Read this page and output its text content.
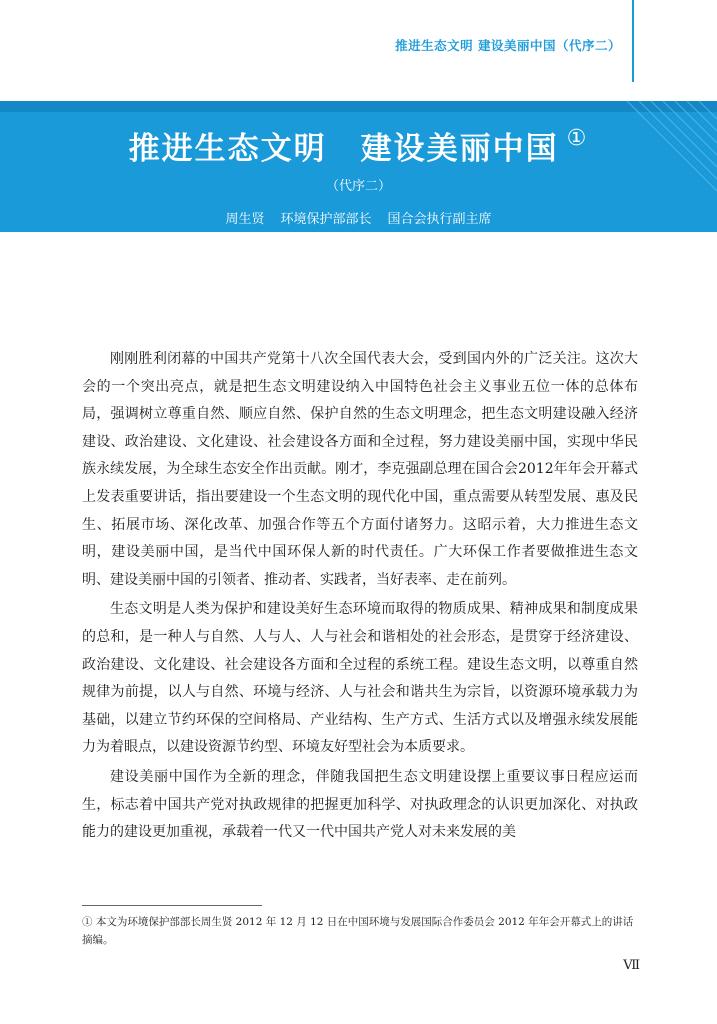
推进生态文明 建设美丽中国（代序二）
推进生态文明 建设美丽中国 ①
（代序二）
周生贤 环境保护部部长 国合会执行副主席

刚刚胜利闭幕的中国共产党第十八次全国代表大会，受到国内外的广泛关注。这次大会的一个突出亮点，就是把生态文明建设纳入中国特色社会主义事业五位一体的总体布局，强调树立尊重自然、顺应自然、保护自然的生态文明理念，把生态文明建设融入经济建设、政治建设、文化建设、社会建设各方面和全过程，努力建设美丽中国，实现中华民族永续发展，为全球生态安全作出贡献。刚才，李克强副总理在国合会2012年年会开幕式上发表重要讲话，指出要建设一个生态文明的现代化中国，重点需要从转型发展、惠及民生、拓展市场、深化改革、加强合作等五个方面付诸努力。这昭示着，大力推进生态文明，建设美丽中国，是当代中国环保人新的时代责任。广大环保工作者要做推进生态文明、建设美丽中国的引领者、推动者、实践者，当好表率、走在前列。

生态文明是人类为保护和建设美好生态环境而取得的物质成果、精神成果和制度成果的总和，是一种人与自然、人与人、人与社会和谐相处的社会形态，是贯穿于经济建设、政治建设、文化建设、社会建设各方面和全过程的系统工程。建设生态文明，以尊重自然规律为前提，以人与自然、环境与经济、人与社会和谐共生为宗旨，以资源环境承载力为基础，以建立节约环保的空间格局、产业结构、生产方式、生活方式以及增强永续发展能力为着眼点，以建设资源节约型、环境友好型社会为本质要求。

建设美丽中国作为全新的理念，伴随我国把生态文明建设摆上重要议事日程应运而生，标志着中国共产党对执政规律的把握更加科学、对执政理念的认识更加深化、对执政能力的建设更加重视，承载着一代又一代中国共产党人对未来发展的美

① 本文为环境保护部部长周生贤 2012 年 12 月 12 日在中国环境与发展国际合作委员会 2012 年年会开幕式上的讲话摘编。
Ⅶ
